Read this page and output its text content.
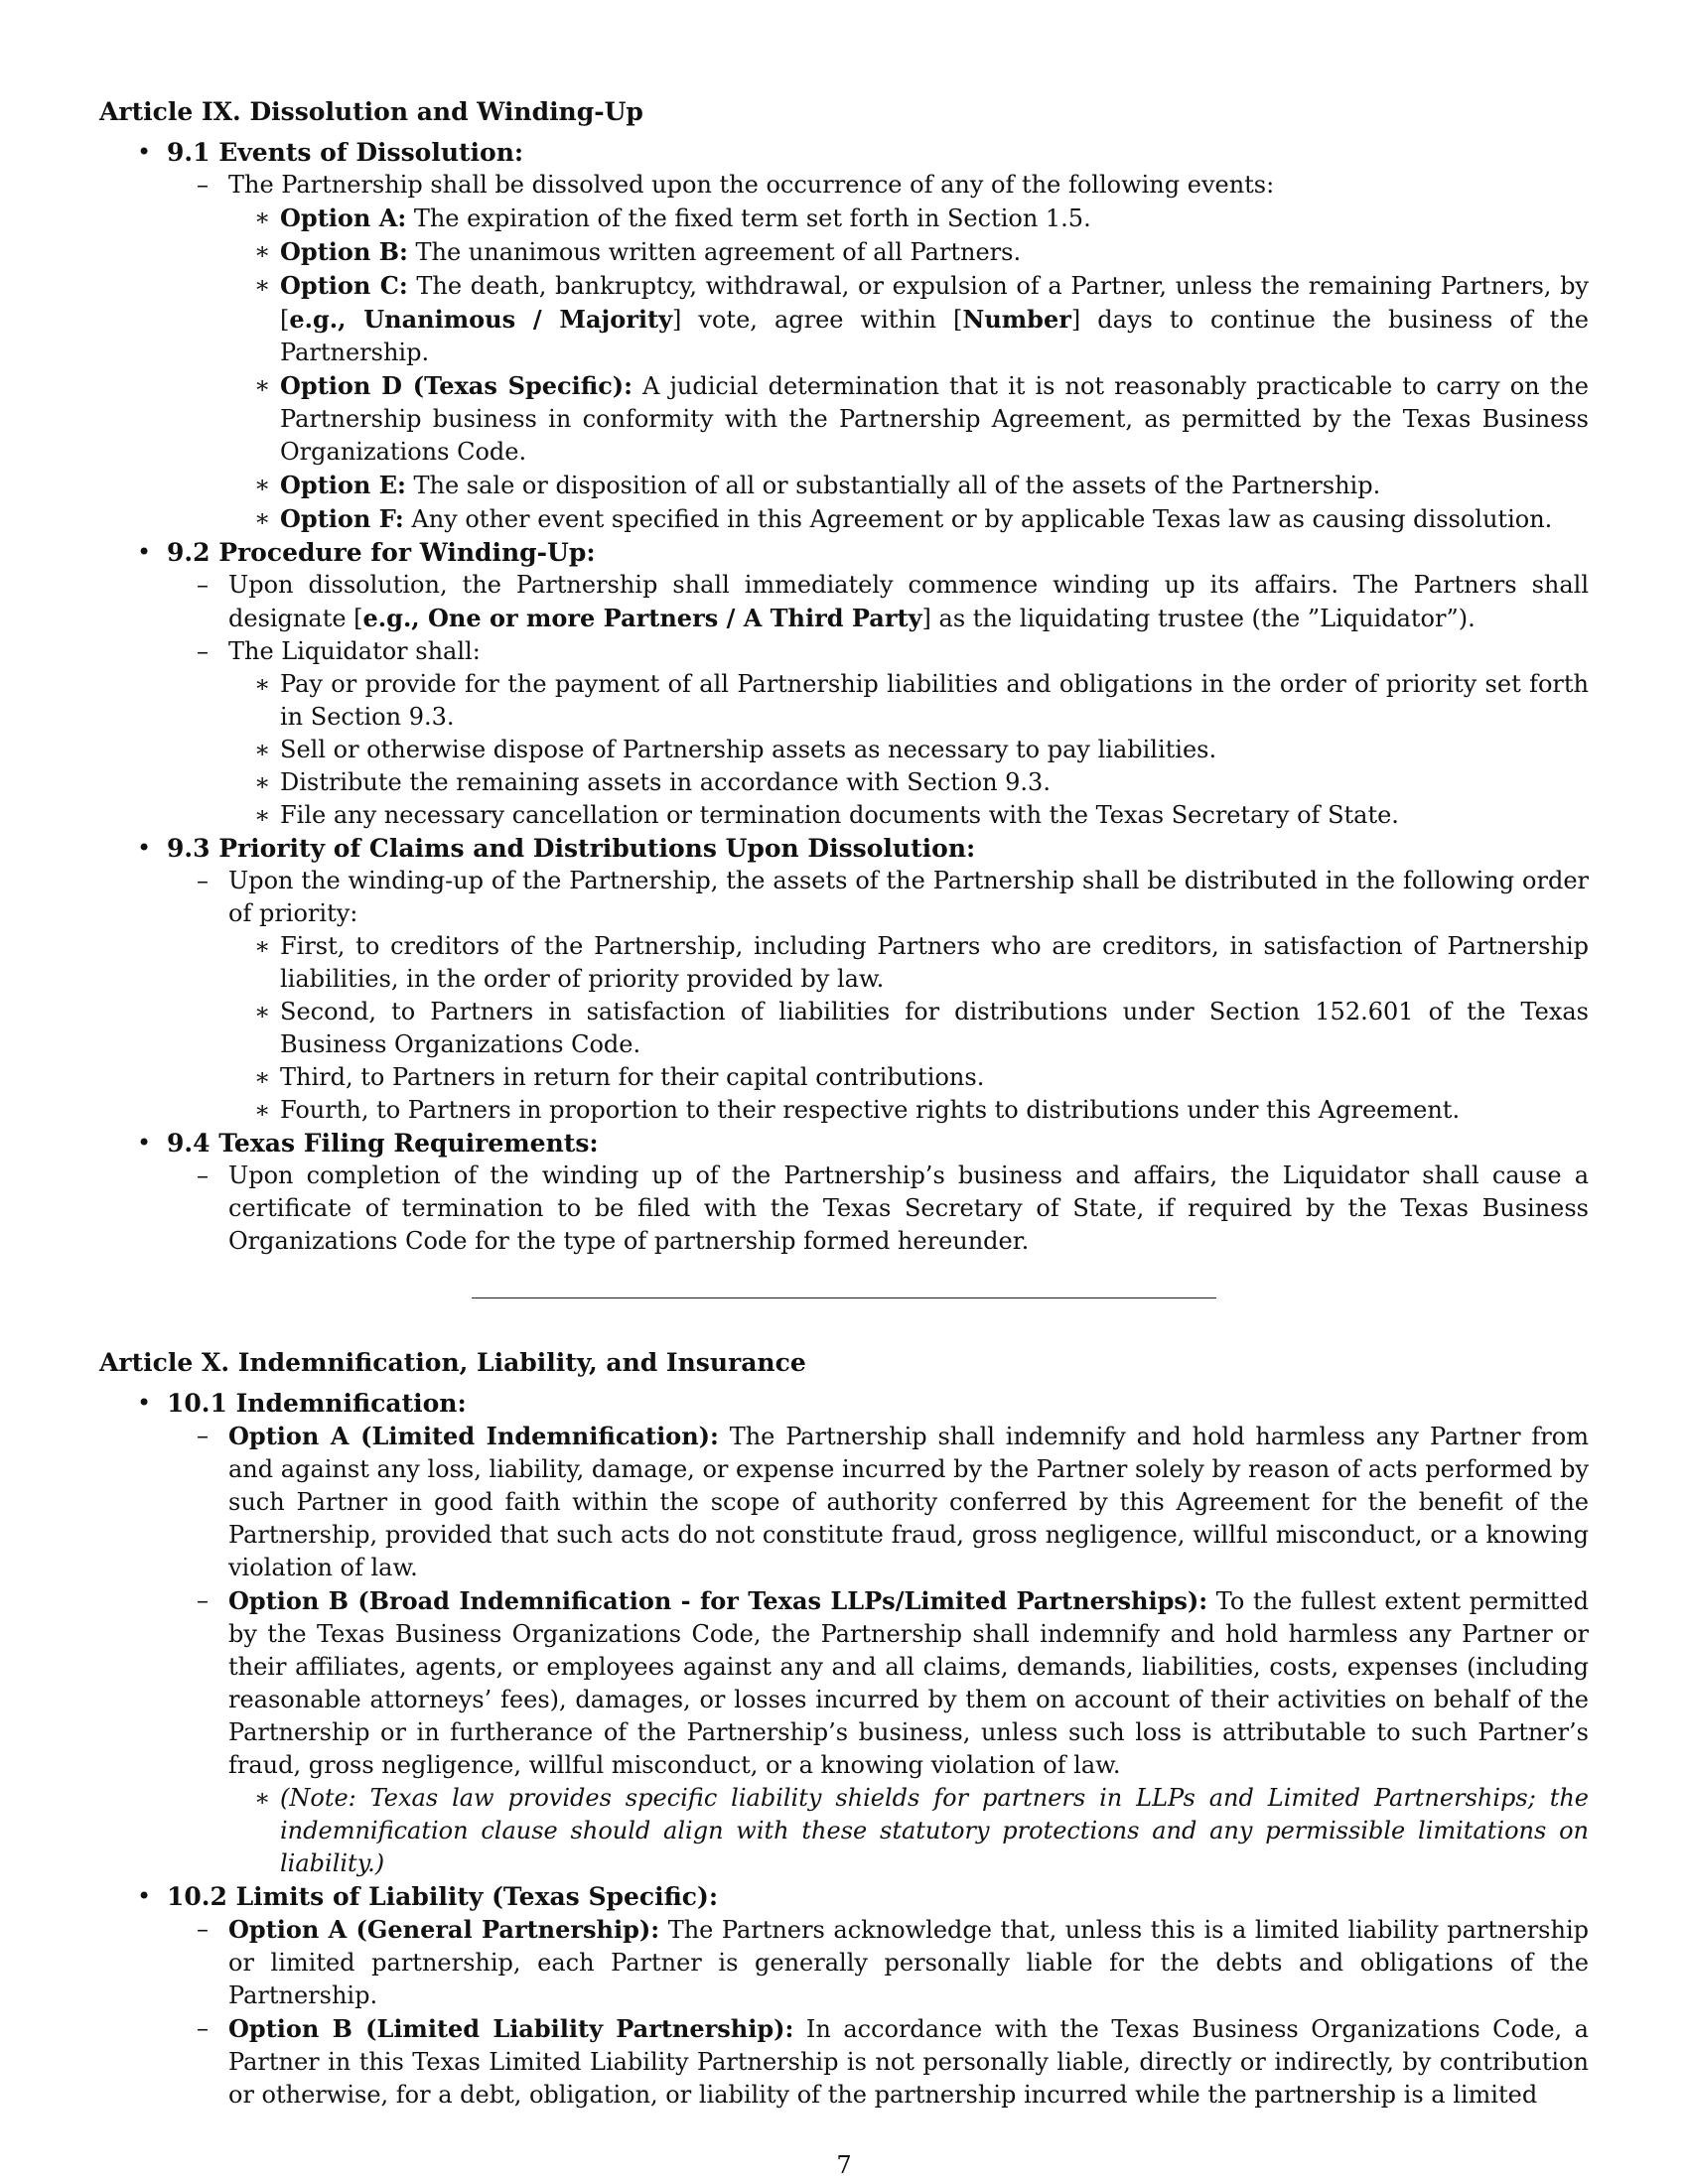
Article IX. Dissolution and Winding-Up
• 9.1 Events of Dissolution:
– The Partnership shall be dissolved upon the occurrence of any of the following events:
∗ Option A: The expiration of the fixed term set forth in Section 1.5.
∗ Option B: The unanimous written agreement of all Partners.
∗ Option C: The death, bankruptcy, withdrawal, or expulsion of a Partner, unless the remaining Partners, by [e.g., Unanimous / Majority] vote, agree within [Number] days to continue the business of the Partnership.
∗ Option D (Texas Specific): A judicial determination that it is not reasonably practicable to carry on the Partnership business in conformity with the Partnership Agreement, as permitted by the Texas Business Organizations Code.
∗ Option E: The sale or disposition of all or substantially all of the assets of the Partnership.
∗ Option F: Any other event specified in this Agreement or by applicable Texas law as causing dissolution.
• 9.2 Procedure for Winding-Up:
– Upon dissolution, the Partnership shall immediately commence winding up its affairs. The Partners shall designate [e.g., One or more Partners / A Third Party] as the liquidating trustee (the ”Liquidator”).
– The Liquidator shall:
∗ Pay or provide for the payment of all Partnership liabilities and obligations in the order of priority set forth in Section 9.3.
∗ Sell or otherwise dispose of Partnership assets as necessary to pay liabilities.
∗ Distribute the remaining assets in accordance with Section 9.3.
∗ File any necessary cancellation or termination documents with the Texas Secretary of State.
• 9.3 Priority of Claims and Distributions Upon Dissolution:
– Upon the winding-up of the Partnership, the assets of the Partnership shall be distributed in the following order of priority:
∗ First, to creditors of the Partnership, including Partners who are creditors, in satisfaction of Partnership liabilities, in the order of priority provided by law.
∗ Second, to Partners in satisfaction of liabilities for distributions under Section 152.601 of the Texas Business Organizations Code.
∗ Third, to Partners in return for their capital contributions.
∗ Fourth, to Partners in proportion to their respective rights to distributions under this Agreement.
• 9.4 Texas Filing Requirements:
– Upon completion of the winding up of the Partnership’s business and affairs, the Liquidator shall cause a certificate of termination to be filed with the Texas Secretary of State, if required by the Texas Business Organizations Code for the type of partnership formed hereunder.
Article X. Indemnification, Liability, and Insurance
• 10.1 Indemnification:
– Option A (Limited Indemnification): The Partnership shall indemnify and hold harmless any Partner from and against any loss, liability, damage, or expense incurred by the Partner solely by reason of acts performed by such Partner in good faith within the scope of authority conferred by this Agreement for the benefit of the Partnership, provided that such acts do not constitute fraud, gross negligence, willful misconduct, or a knowing violation of law.
– Option B (Broad Indemnification - for Texas LLPs/Limited Partnerships): To the fullest extent permitted by the Texas Business Organizations Code, the Partnership shall indemnify and hold harmless any Partner or their affiliates, agents, or employees against any and all claims, demands, liabilities, costs, expenses (including reasonable attorneys’ fees), damages, or losses incurred by them on account of their activities on behalf of the Partnership or in furtherance of the Partnership’s business, unless such loss is attributable to such Partner’s fraud, gross negligence, willful misconduct, or a knowing violation of law.
∗ (Note: Texas law provides specific liability shields for partners in LLPs and Limited Partnerships; the indemnification clause should align with these statutory protections and any permissible limitations on liability.)
• 10.2 Limits of Liability (Texas Specific):
– Option A (General Partnership): The Partners acknowledge that, unless this is a limited liability partnership or limited partnership, each Partner is generally personally liable for the debts and obligations of the Partnership.
– Option B (Limited Liability Partnership): In accordance with the Texas Business Organizations Code, a Partner in this Texas Limited Liability Partnership is not personally liable, directly or indirectly, by contribution or otherwise, for a debt, obligation, or liability of the partnership incurred while the partnership is a limited
7
